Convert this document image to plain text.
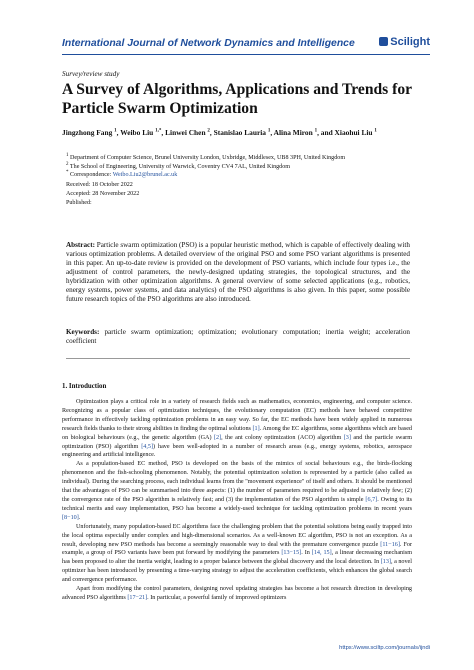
International Journal of Network Dynamics and Intelligence	Scilight
Survey/review study
A Survey of Algorithms, Applications and Trends for Particle Swarm Optimization
Jingzhong Fang $^1$, Weibo Liu $^{1,*}$, Linwei Chen $^2$, Stanislao Lauria $^1$, Alina Miron $^1$, and Xiaohui Liu $^1$
$^1$ Department of Computer Science, Brunel University London, Uxbridge, Middlesex, UB8 3PH, United Kingdom
$^2$ The School of Engineering, University of Warwick, Coventry CV4 7AL, United Kingdom
* Correspondence: Weibo.Liu2@brunel.ac.uk
Received: 18 October 2022
Accepted: 28 November 2022
Published:
Abstract: Particle swarm optimization (PSO) is a popular heuristic method, which is capable of effectively dealing with various optimization problems. A detailed overview of the original PSO and some PSO variant algorithms is presented in this paper. An up-to-date review is provided on the development of PSO variants, which include four types i.e., the adjustment of control parameters, the newly-designed updating strategies, the topological structures, and the hybridization with other optimization algorithms. A general overview of some selected applications (e.g., robotics, energy systems, power systems, and data analytics) of the PSO algorithms is also given. In this paper, some possible future research topics of the PSO algorithms are also introduced.
Keywords: particle swarm optimization; optimization; evolutionary computation; inertia weight; acceleration coefficient
1. Introduction

Optimization plays a critical role in a variety of research fields such as mathematics, economics, engineering, and computer science. Recognizing as a popular class of optimization techniques, the evolutionary computation (EC) methods have behaved competitive performance in effectively tackling optimization problems in an easy way. So far, the EC methods have been widely applied in numerous research fields thanks to their strong abilities in finding the optimal solutions [1]. Among the EC algorithms, some algorithms which are based on biological behaviours (e.g., the genetic algorithm (GA) [2], the ant colony optimization (ACO) algorithm [3] and the particle swarm optimization (PSO) algorithm [4,5]) have been well-adopted in a number of research areas (e.g., energy systems, robotics, aerospace engineering and artificial intelligence.

As a population-based EC method, PSO is developed on the basis of the mimics of social behaviours e.g., the birds-flocking phenomenon and the fish-schooling phenomenon. Notably, the potential optimization solution is represented by a particle (also called as individual). During the searching process, each individual learns from the "movement experience" of itself and others. It should be mentioned that the advantages of PSO can be summarised into three aspects: (1) the number of parameters required to be adjusted is relatively few; (2) the convergence rate of the PSO algorithm is relatively fast; and (3) the implementation of the PSO algorithm is simple [6,7]. Owing to its technical merits and easy implementation, PSO has become a widely-used technique for tackling optimization problems in recent years [8−10].

Unfortunately, many population-based EC algorithms face the challenging problem that the potential solutions being easily trapped into the local optima especially under complex and high-dimensional scenarios. As a well-known EC algorithm, PSO is not an exception. As a result, developing new PSO methods has become a seemingly reasonable way to deal with the premature convergence puzzle [11−16]. For example, a group of PSO variants have been put forward by modifying the parameters [13−15]. In [14, 15], a linear decreasing mechanism has been proposed to alter the inertia weight, leading to a proper balance between the global discovery and the local detection. In [13], a novel optimizer has been introduced by presenting a time-varying strategy to adjust the acceleration coefficients, which enhances the global search and convergence performance.

Apart from modifying the control parameters, designing novel updating strategies has become a hot research direction in developing advanced PSO algorithms [17−21]. In particular, a powerful family of improved optimizers

https://www.sciltp.com/journals/ijndi
